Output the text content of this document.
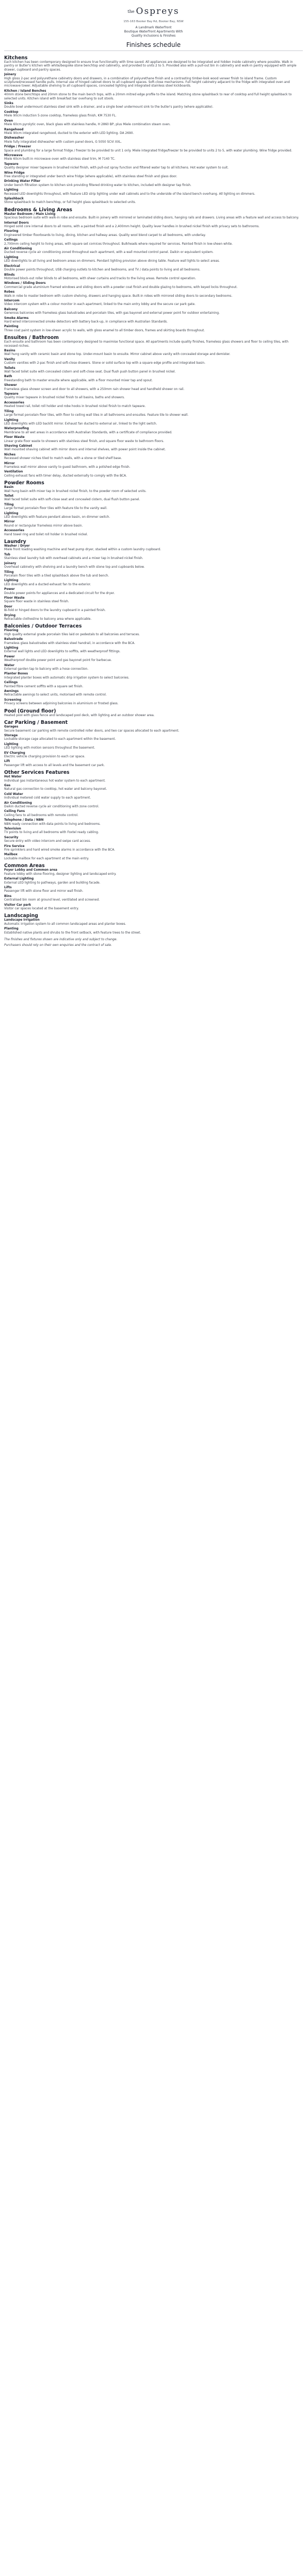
the Ospreys
155-163 Booker Bay Rd, Booker Bay, NSW
A Landmark Waterfront
Boutique Waterfront Apartments With
Quality Inclusions & Finishes
Finishes schedule
Kitchens
Each kitchen has been contemporary designed to ensure true functionality with time saved. All appliances are designed to be integrated and hidden inside cabinetry where possible. Walk in pantry or Butler's kitchen with white/bespoke stone benchtop and cabinetry, and provided to units 2 to 5. Provided also with a pull-out bin in cabinetry and walk-in pantry equipped with ample drawer, cupboard and pantry spaces.
Joinery
High gloss 2-pac and polyurethane cabinetry doors and drawers, in a combination of polyurethane finish and a contrasting timber-look wood veneer finish to island frame. Custom sculptured/recessed handle pulls. Internal use of hinged cabinet doors to all cupboard spaces. Soft-close mechanisms. Full height cabinetry adjacent to the fridge with integrated oven and microwave tower. Adjustable shelving to all cupboard spaces, concealed lighting and integrated stainless steel kickboards.
Kitchen / Island Benches
40mm stone benchtops and 20mm stone to the main bench tops, with a 20mm mitred edge profile to the island. Matching stone splashback to rear of cooktop and full height splashback to selected units. Kitchen island with breakfast bar overhang to suit stools.
Sinks
Double bowl undermount stainless steel sink with a drainer, and a single bowl undermount sink to the butler's pantry (where applicable).
Cooktop
Miele 90cm induction 5-zone cooktop, frameless glass finish, KM 7530 FL.
Oven
Miele 60cm pyrolytic oven, black glass with stainless handle, H 2860 BP, plus Miele combination steam oven.
Rangehood
Miele 90cm integrated rangehood, ducted to the exterior with LED lighting. DA 2690.
Dishwasher
Miele fully integrated dishwasher with custom panel doors, G 5050 SCVi XXL.
Fridge / Freezer
Space and plumbing for a large format fridge / freezer to be provided to unit 1 only. Miele integrated fridge/freezer to be provided to units 2 to 5, with water plumbing. Wine fridge provided.
Microwave
Miele 60cm built-in microwave oven with stainless steel trim, M 7140 TC.
Tapware
Quality designer mixer tapware in brushed nickel finish, with pull-out spray function and filtered water tap to all kitchens. Hot water system to suit.
Wine Fridge
Free standing or integrated under bench wine fridge (where applicable), with stainless steel finish and glass door.
Drinking Water Filter
Under bench filtration system to kitchen sink providing filtered drinking water to kitchen, included with designer tap finish.
Lighting
Recessed LED downlights throughout, with feature LED strip lighting under wall cabinets and to the underside of the island bench overhang. All lighting on dimmers.
Splashback
Stone splashback to match benchtop, or full height glass splashback to selected units.
Bedrooms & Living Areas
Master Bedroom / Main Living
Spacious bedroom suite with walk-in robe and ensuite. Built-in joinery with mirrored or laminated sliding doors, hanging rails and drawers. Living areas with a feature wall and access to balcony.
Internal Doors
Hinged solid core internal doors to all rooms, with a painted finish and a 2,400mm height. Quality lever handles in brushed nickel finish with privacy sets to bathrooms.
Flooring
Engineered timber floorboards to living, dining, kitchen and hallway areas. Quality wool blend carpet to all bedrooms, with underlay.
Ceilings
2,700mm ceiling height to living areas, with square set cornices throughout. Bulkheads where required for services. Painted finish in low-sheen white.
Air Conditioning
Ducted reverse cycle air conditioning zoned throughout each apartment, with a wall mounted control panel. Daikin or equivalent system.
Lighting
LED downlights to all living and bedroom areas on dimmers. Pendant lighting provision above dining table. Feature wall lights to select areas.
Electrical
Double power points throughout, USB charging outlets to kitchen and bedrooms, and TV / data points to living and all bedrooms.
Blinds
Motorised block-out roller blinds to all bedrooms, with sheer curtains and tracks to the living areas. Remote control operation.
Windows / Sliding Doors
Commercial grade aluminium framed windows and sliding doors with a powder coat finish and double glazing to bedrooms, with keyed locks throughout.
Robes
Walk-in robe to master bedroom with custom shelving, drawers and hanging space. Built-in robes with mirrored sliding doors to secondary bedrooms.
Intercom
Video intercom system with a colour monitor in each apartment, linked to the main entry lobby and the secure car park gate.
Balcony
Generous balconies with frameless glass balustrades and porcelain tiles, with gas bayonet and external power point for outdoor entertaining.
Smoke Alarms
Hard wired interconnected smoke detectors with battery back-up, in compliance with Australian Standards.
Painting
Three coat paint system in low-sheen acrylic to walls, with gloss enamel to all timber doors, frames and skirting boards throughout.
Ensuites / Bathroom
Each ensuite and bathroom has been contemporary designed to maximise functional space. All apartments include quality finishes, frameless glass showers and floor to ceiling tiles, with recessed niches.
Basins
Wall hung vanity with ceramic basin and stone top. Under-mount basin to ensuite. Mirror cabinet above vanity with concealed storage and demister.
Vanity
Custom vanities with 2-pac finish and soft-close drawers. Stone or solid surface top with a square edge profile and integrated basin.
Toilets
Wall faced toilet suite with concealed cistern and soft-close seat. Dual flush push button panel in brushed nickel.
Bath
Freestanding bath to master ensuite where applicable, with a floor mounted mixer tap and spout.
Shower
Frameless glass shower screen and door to all showers, with a 250mm rain shower head and handheld shower on rail.
Tapware
Quality mixer tapware in brushed nickel finish to all basins, baths and showers.
Accessories
Heated towel rail, toilet roll holder and robe hooks in brushed nickel finish to match tapware.
Tiling
Large format porcelain floor tiles, with floor to ceiling wall tiles in all bathrooms and ensuites. Feature tile to shower wall.
Lighting
LED downlights with LED backlit mirror. Exhaust fan ducted to external air, linked to the light switch.
Waterproofing
Membrane to all wet areas in accordance with Australian Standards, with a certificate of compliance provided.
Floor Waste
Linear grate floor waste to showers with stainless steel finish, and square floor waste to bathroom floors.
Shaving Cabinet
Wall mounted shaving cabinet with mirror doors and internal shelves, with power point inside the cabinet.
Niches
Recessed shower niches tiled to match walls, with a stone or tiled shelf base.
Mirror
Frameless wall mirror above vanity to guest bathroom, with a polished edge finish.
Ventilation
Ceiling exhaust fans with timer delay, ducted externally to comply with the BCA.
Powder Rooms
Basin
Wall hung basin with mixer tap in brushed nickel finish, to the powder room of selected units.
Toilet
Wall faced toilet suite with soft-close seat and concealed cistern, dual flush button panel.
Tiling
Large format porcelain floor tiles with feature tile to the vanity wall.
Lighting
LED downlights with feature pendant above basin, on dimmer switch.
Mirror
Round or rectangular frameless mirror above basin.
Accessories
Hand towel ring and toilet roll holder in brushed nickel.
Laundry
Washer / Dryer
Miele front loading washing machine and heat pump dryer, stacked within a custom laundry cupboard.
Tub
Stainless steel laundry tub with overhead cabinets and a mixer tap in brushed nickel finish.
Joinery
Overhead cabinetry with shelving and a laundry bench with stone top and cupboards below.
Tiling
Porcelain floor tiles with a tiled splashback above the tub and bench.
Lighting
LED downlights and a ducted exhaust fan to the exterior.
Power
Double power points for appliances and a dedicated circuit for the dryer.
Floor Waste
Square floor waste in stainless steel finish.
Door
Bi-fold or hinged doors to the laundry cupboard in a painted finish.
Drying
Retractable clothesline to balcony area where applicable.
Balconies / Outdoor Terraces
Flooring
High quality external grade porcelain tiles laid on pedestals to all balconies and terraces.
Balustrade
Frameless glass balustrades with stainless steel handrail, in accordance with the BCA.
Lighting
External wall lights and LED downlights to soffits, with weatherproof fittings.
Power
Weatherproof double power point and gas bayonet point for barbecue.
Water
External garden tap to balcony with a hose connection.
Planter Boxes
Integrated planter boxes with automatic drip irrigation system to select balconies.
Ceilings
Painted fibre cement soffits with a square set finish.
Awnings
Retractable awnings to select units, motorised with remote control.
Screening
Privacy screens between adjoining balconies in aluminium or frosted glass.
Pool (Ground floor)
Heated pool with glass fence and landscaped pool deck, with lighting and an outdoor shower area.
Car Parking / Basement
Garages
Secure basement car parking with remote controlled roller doors, and two car spaces allocated to each apartment.
Storage
Lockable storage cage allocated to each apartment within the basement.
Lighting
LED lighting with motion sensors throughout the basement.
EV Charging
Electric vehicle charging provision to each car space.
Lift
Passenger lift with access to all levels and the basement car park.
Other Services Features
Hot Water
Individual gas instantaneous hot water system to each apartment.
Gas
Natural gas connection to cooktop, hot water and balcony bayonet.
Cold Water
Individual metered cold water supply to each apartment.
Air Conditioning
Daikin ducted reverse cycle air conditioning with zone control.
Ceiling Fans
Ceiling fans to all bedrooms with remote control.
Telephone / Data / NBN
NBN ready connection with data points to living and bedrooms.
Television
TV points to living and all bedrooms with Foxtel ready cabling.
Security
Secure entry with video intercom and swipe card access.
Fire Service
Fire sprinklers and hard wired smoke alarms in accordance with the BCA.
Mailbox
Lockable mailbox for each apartment at the main entry.
Common Areas
Foyer Lobby and Common area
Feature lobby with stone flooring, designer lighting and landscaped entry.
External Lighting
External LED lighting to pathways, garden and building facade.
Lifts
Passenger lift with stone floor and mirror wall finish.
Bins
Centralised bin room at ground level, ventilated and screened.
Visitor Car park
Visitor car spaces located at the basement entry.
Landscaping
Landscape Irrigation
Automatic irrigation system to all common landscaped areas and planter boxes.
Planting
Established native plants and shrubs to the front setback, with feature trees to the street.

The finishes and fixtures shown are indicative only and subject to change.

Purchasers should rely on their own enquiries and the contract of sale.
